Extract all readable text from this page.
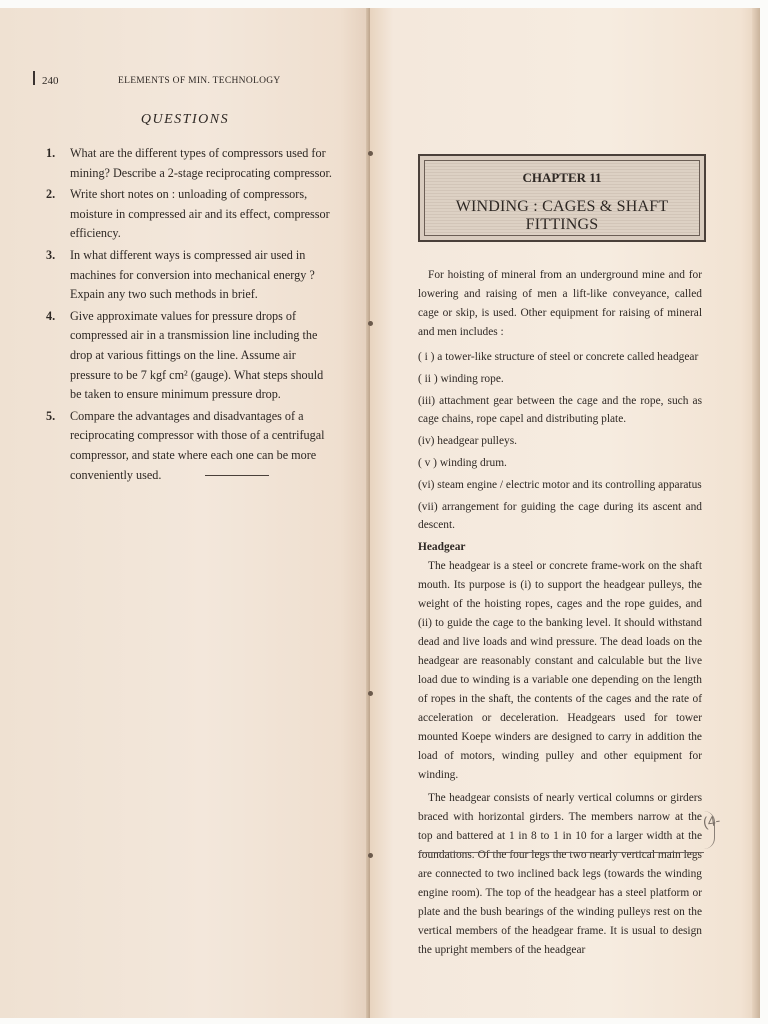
240	ELEMENTS OF MIN. TECHNOLOGY
QUESTIONS
1. What are the different types of compressors used for mining? Describe a 2-stage reciprocating compressor.
2. Write short notes on : unloading of compressors, moisture in compressed air and its effect, compressor efficiency.
3. In what different ways is compressed air used in machines for conversion into mechanical energy ? Expain any two such methods in brief.
4. Give approximate values for pressure drops of compressed air in a transmission line including the drop at various fittings on the line. Assume air pressure to be 7 kgf cm² (gauge). What steps should be taken to ensure minimum pressure drop.
5. Compare the advantages and disadvantages of a reciprocating compressor with those of a centrifugal compressor, and state where each one can be more conveniently used.
CHAPTER 11
WINDING : CAGES & SHAFT FITTINGS

For hoisting of mineral from an underground mine and for lowering and raising of men a lift-like conveyance, called cage or skip, is used. Other equipment for raising of mineral and men includes :

( i ) a tower-like structure of steel or concrete called headgear
( ii ) winding rope.
(iii) attachment gear between the cage and the rope, such as cage chains, rope capel and distributing plate.
(iv) headgear pulleys.
( v ) winding drum.
(vi) steam engine / electric motor and its controlling apparatus
(vii) arrangement for guiding the cage during its ascent and descent.

Headgear

The headgear is a steel or concrete frame-work on the shaft mouth. Its purpose is (i) to support the headgear pulleys, the weight of the hoisting ropes, cages and the rope guides, and (ii) to guide the cage to the banking level. It should withstand dead and live loads and wind pressure. The dead loads on the headgear are reasonably constant and calculable but the live load due to winding is a variable one depending on the length of ropes in the shaft, the contents of the cages and the rate of acceleration or deceleration. Headgears used for tower mounted Koepe winders are designed to carry in addition the load of motors, winding pulley and other equipment for winding.

The headgear consists of nearly vertical columns or girders braced with horizontal girders. The members narrow at the top and battered at 1 in 8 to 1 in 10 for a larger width at the foundations. Of the four legs the two nearly vertical main legs are connected to two inclined back legs (towards the winding engine room). The top of the headgear has a steel platform or plate and the bush bearings of the winding pulleys rest on the vertical members of the headgear frame. It is usual to design the upright members of the headgear

(4-
